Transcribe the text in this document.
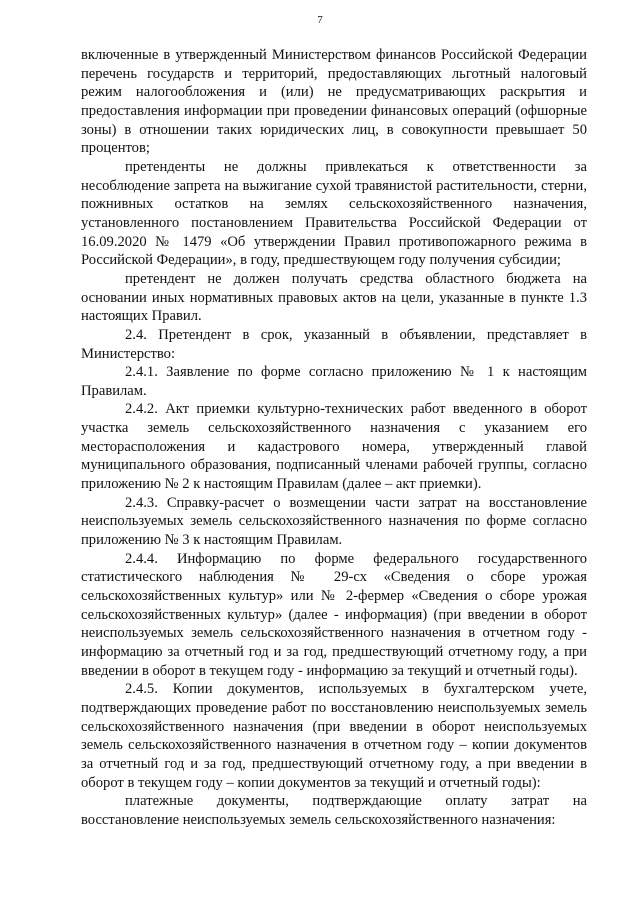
7

включенные в утвержденный Министерством финансов Российской Федерации перечень государств и территорий, предоставляющих льготный налоговый режим налогообложения и (или) не предусматривающих раскрытия и предоставления информации при проведении финансовых операций (офшорные зоны) в отношении таких юридических лиц, в совокупности превышает 50 процентов;

претенденты не должны привлекаться к ответственности за несоблюдение запрета на выжигание сухой травянистой растительности, стерни, пожнивных остатков на землях сельскохозяйственного назначения, установленного постановлением Правительства Российской Федерации от 16.09.2020 № 1479 «Об утверждении Правил противопожарного режима в Российской Федерации», в году, предшествующем году получения субсидии;

претендент не должен получать средства областного бюджета на основании иных нормативных правовых актов на цели, указанные в пункте 1.3 настоящих Правил.

2.4. Претендент в срок, указанный в объявлении, представляет в Министерство:

2.4.1. Заявление по форме согласно приложению № 1 к настоящим Правилам.

2.4.2. Акт приемки культурно-технических работ введенного в оборот участка земель сельскохозяйственного назначения с указанием его месторасположения и кадастрового номера, утвержденный главой муниципального образования, подписанный членами рабочей группы, согласно приложению № 2 к настоящим Правилам (далее – акт приемки).

2.4.3. Справку-расчет о возмещении части затрат на восстановление неиспользуемых земель сельскохозяйственного назначения по форме согласно приложению № 3 к настоящим Правилам.

2.4.4. Информацию по форме федерального государственного статистического наблюдения № 29-сх «Сведения о сборе урожая сельскохозяйственных культур» или № 2-фермер «Сведения о сборе урожая сельскохозяйственных культур» (далее - информация) (при введении в оборот неиспользуемых земель сельскохозяйственного назначения в отчетном году - информацию за отчетный год и за год, предшествующий отчетному году, а при введении в оборот в текущем году - информацию за текущий и отчетный годы).

2.4.5. Копии документов, используемых в бухгалтерском учете, подтверждающих проведение работ по восстановлению неиспользуемых земель сельскохозяйственного назначения (при введении в оборот неиспользуемых земель сельскохозяйственного назначения в отчетном году – копии документов за отчетный год и за год, предшествующий отчетному году, а при введении в оборот в текущем году – копии документов за текущий и отчетный годы):

платежные документы, подтверждающие оплату затрат на восстановление неиспользуемых земель сельскохозяйственного назначения:
